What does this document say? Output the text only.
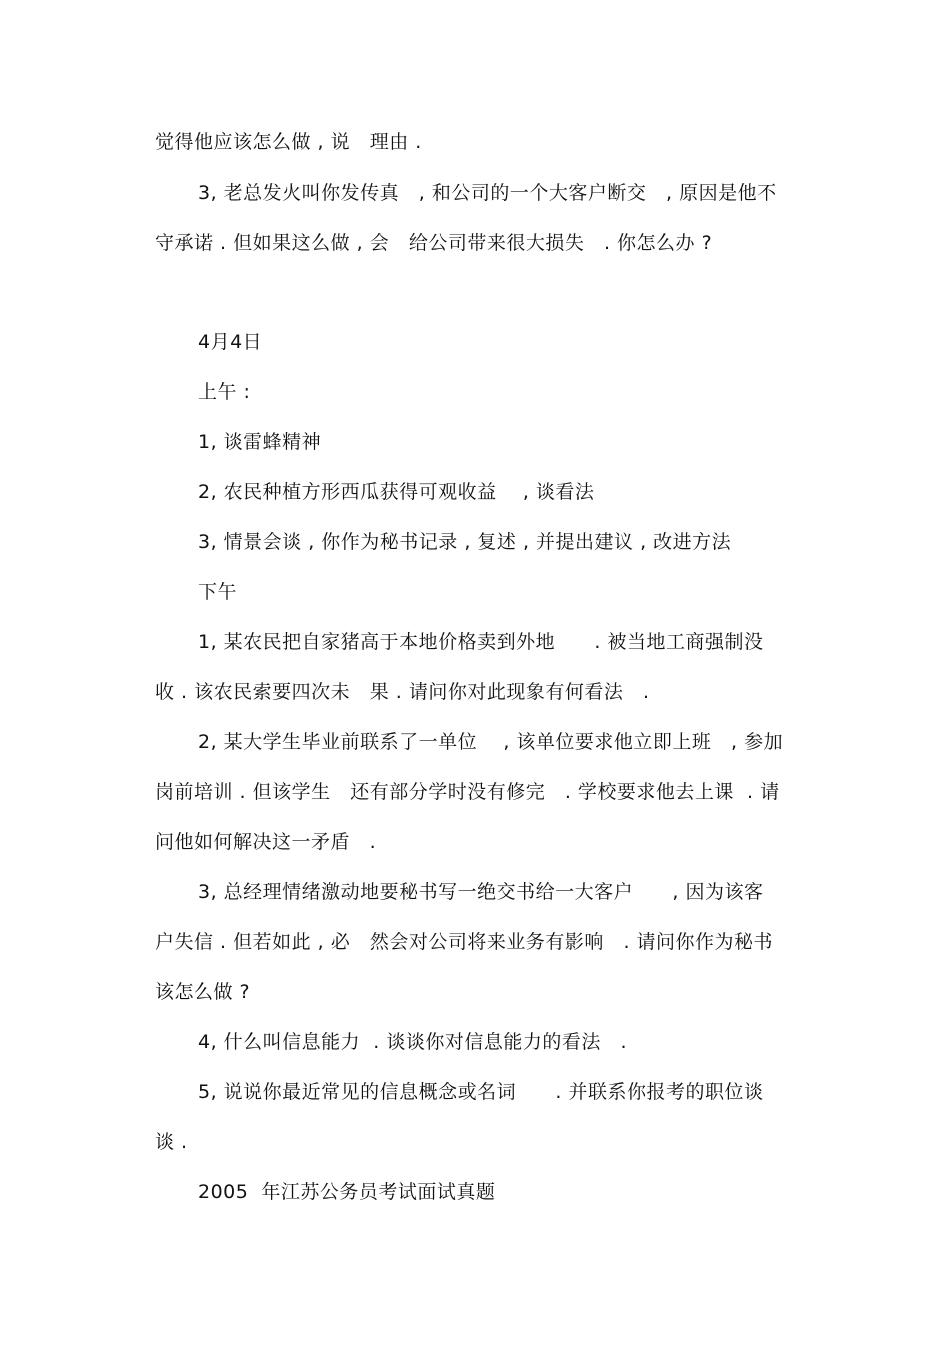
觉得他应该怎么做 , 说   理由 .
3, 老总发火叫你发传真   , 和公司的一个大客户断交   , 原因是他不
守承诺 . 但如果这么做 , 会   给公司带来很大损失   . 你怎么办 ?
4月4日
上午 :
1, 谈雷蜂精神
2, 农民种植方形西瓜获得可观收益    , 谈看法
3, 情景会谈 , 你作为秘书记录 , 复述 , 并提出建议 , 改进方法
下午
1, 某农民把自家猪高于本地价格卖到外地      . 被当地工商强制没
收 . 该农民索要四次未   果 . 请问你对此现象有何看法   .
2, 某大学生毕业前联系了一单位    , 该单位要求他立即上班   , 参加
岗前培训 . 但该学生   还有部分学时没有修完   . 学校要求他去上课  . 请
问他如何解决这一矛盾   .
3, 总经理情绪激动地要秘书写一绝交书给一大客户      , 因为该客
户失信 . 但若如此 , 必   然会对公司将来业务有影响   . 请问你作为秘书
该怎么做 ?
4, 什么叫信息能力  . 谈谈你对信息能力的看法   .
5, 说说你最近常见的信息概念或名词      . 并联系你报考的职位谈
谈 .
2005  年江苏公务员考试面试真题
